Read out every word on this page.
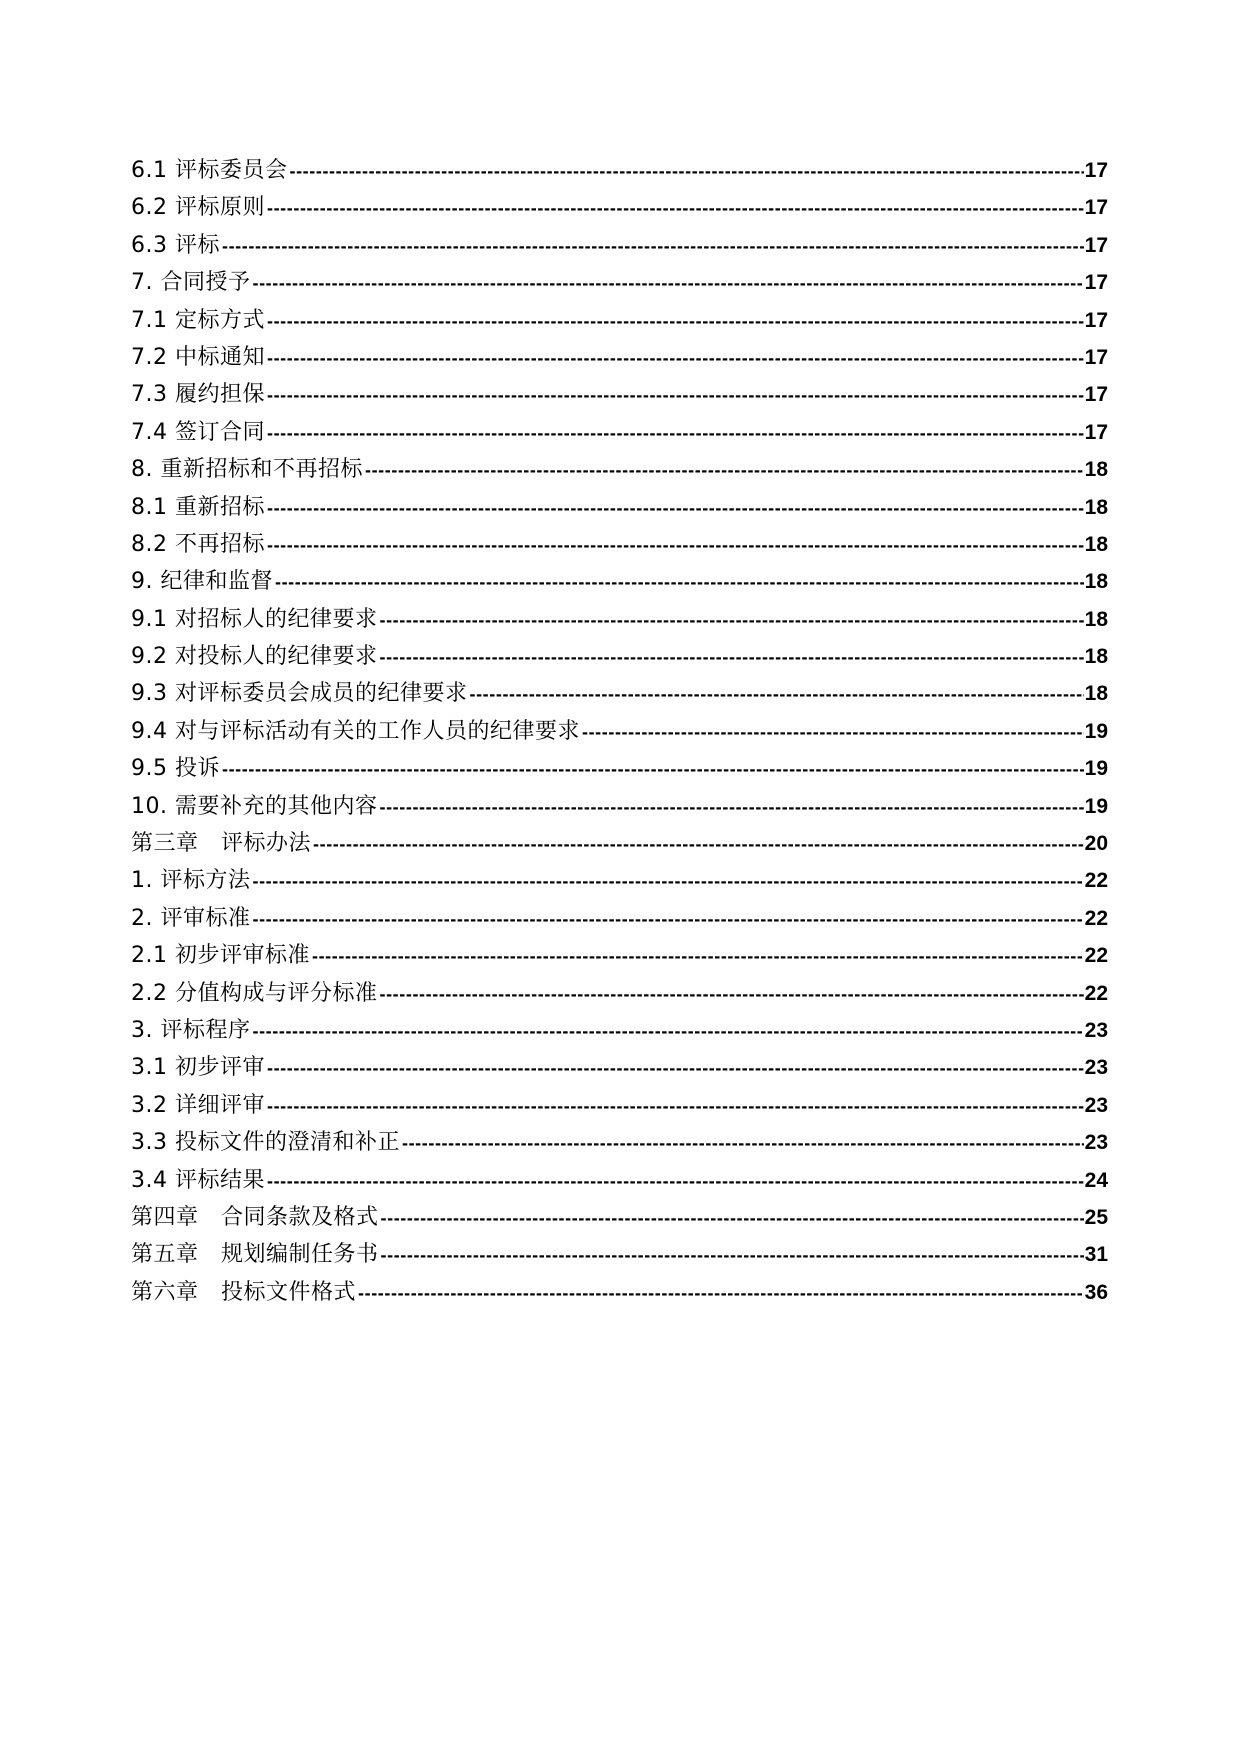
6.1 评标委员会 -----	17
6.2 评标原则 -----	17
6.3 评标 -----	17
7. 合同授予 -----	17
7.1 定标方式 -----	17
7.2 中标通知 -----	17
7.3 履约担保 -----	17
7.4 签订合同 -----	17
8. 重新招标和不再招标 -----	18
8.1 重新招标 -----	18
8.2 不再招标 -----	18
9. 纪律和监督 -----	18
9.1 对招标人的纪律要求 -----	18
9.2 对投标人的纪律要求 -----	18
9.3 对评标委员会成员的纪律要求 -----	18
9.4 对与评标活动有关的工作人员的纪律要求 -----	19
9.5 投诉 -----	19
10. 需要补充的其他内容 -----	19
第三章　评标办法 -----	20
1. 评标方法 -----	22
2. 评审标准 -----	22
2.1 初步评审标准 -----	22
2.2 分值构成与评分标准 -----	22
3. 评标程序 -----	23
3.1 初步评审 -----	23
3.2 详细评审 -----	23
3.3 投标文件的澄清和补正 -----	23
3.4 评标结果 -----	24
第四章　合同条款及格式 -----	25
第五章　规划编制任务书 -----	31
第六章　投标文件格式 -----	36
